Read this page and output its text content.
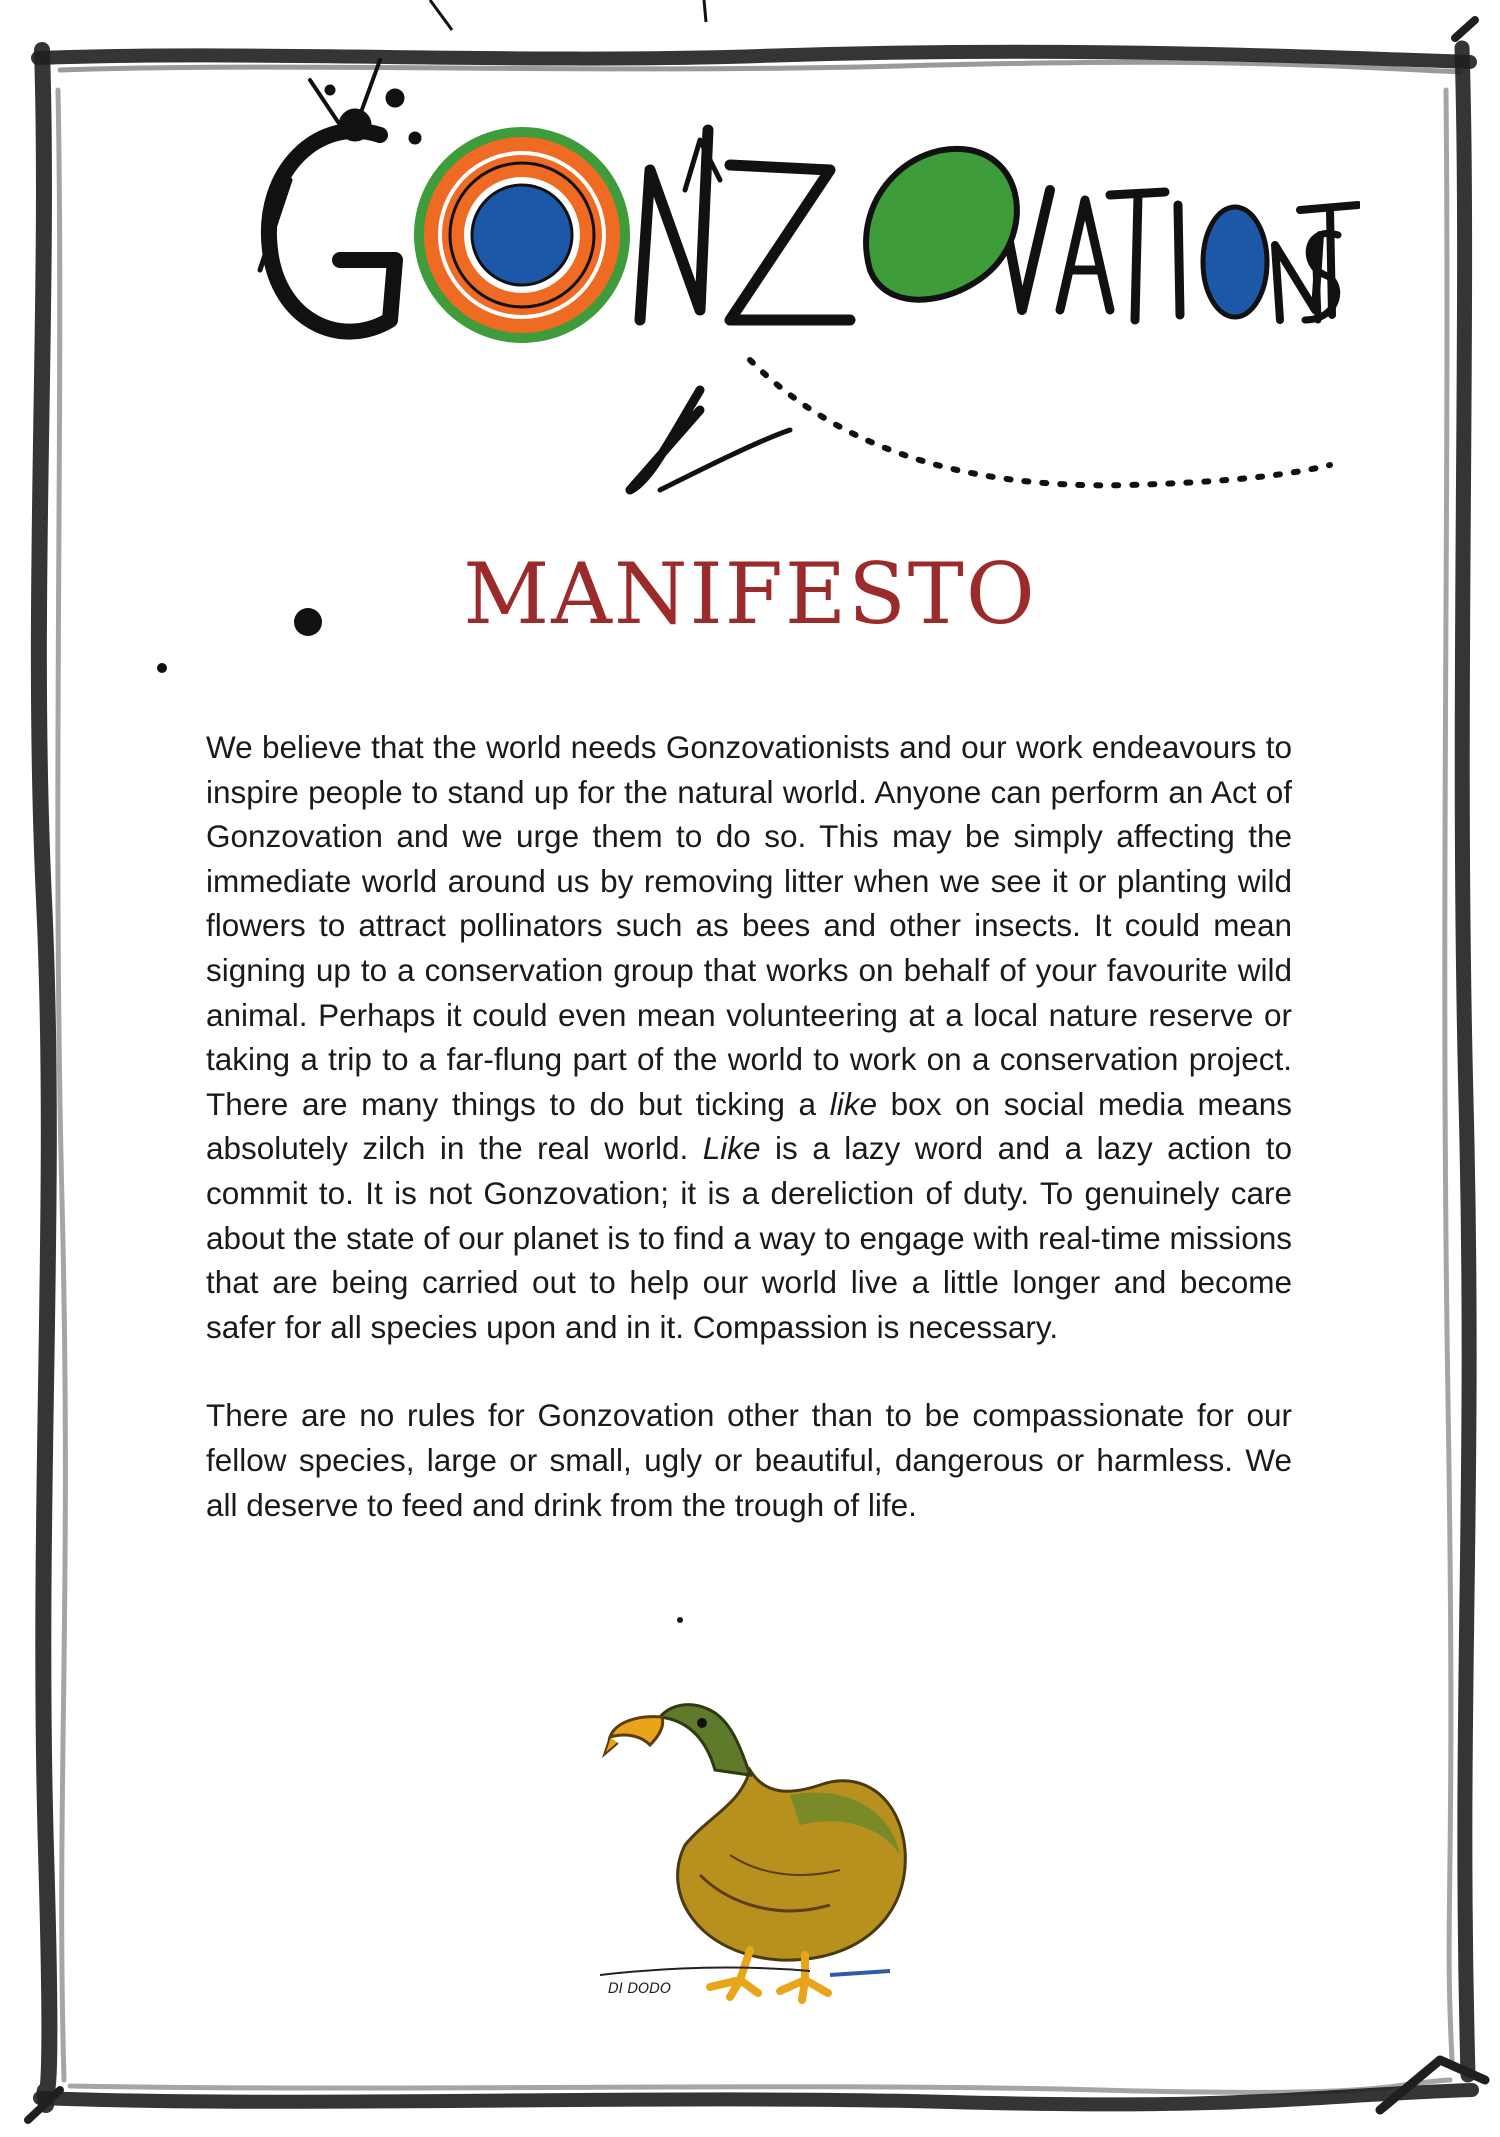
GONZOVATIONIST
MANIFESTO

We believe that the world needs Gonzovationists and our work endeavours to inspire people to stand up for the natural world. Anyone can perform an Act of Gonzovation and we urge them to do so. This may be simply affecting the immediate world around us by removing litter when we see it or planting wild flowers to attract pollinators such as bees and other insects. It could mean signing up to a conservation group that works on behalf of your favourite wild animal. Perhaps it could even mean volunteering at a local nature reserve or taking a trip to a far-flung part of the world to work on a conservation project. There are many things to do but ticking a like box on social media means absolutely zilch in the real world. Like is a lazy word and a lazy action to commit to. It is not Gonzovation; it is a dereliction of duty. To genuinely care about the state of our planet is to find a way to engage with real-time missions that are being carried out to help our world live a little longer and become safer for all species upon and in it. Compassion is necessary.

There are no rules for Gonzovation other than to be compassionate for our fellow species, large or small, ugly or beautiful, dangerous or harmless. We all deserve to feed and drink from the trough of life.

DI DODO
